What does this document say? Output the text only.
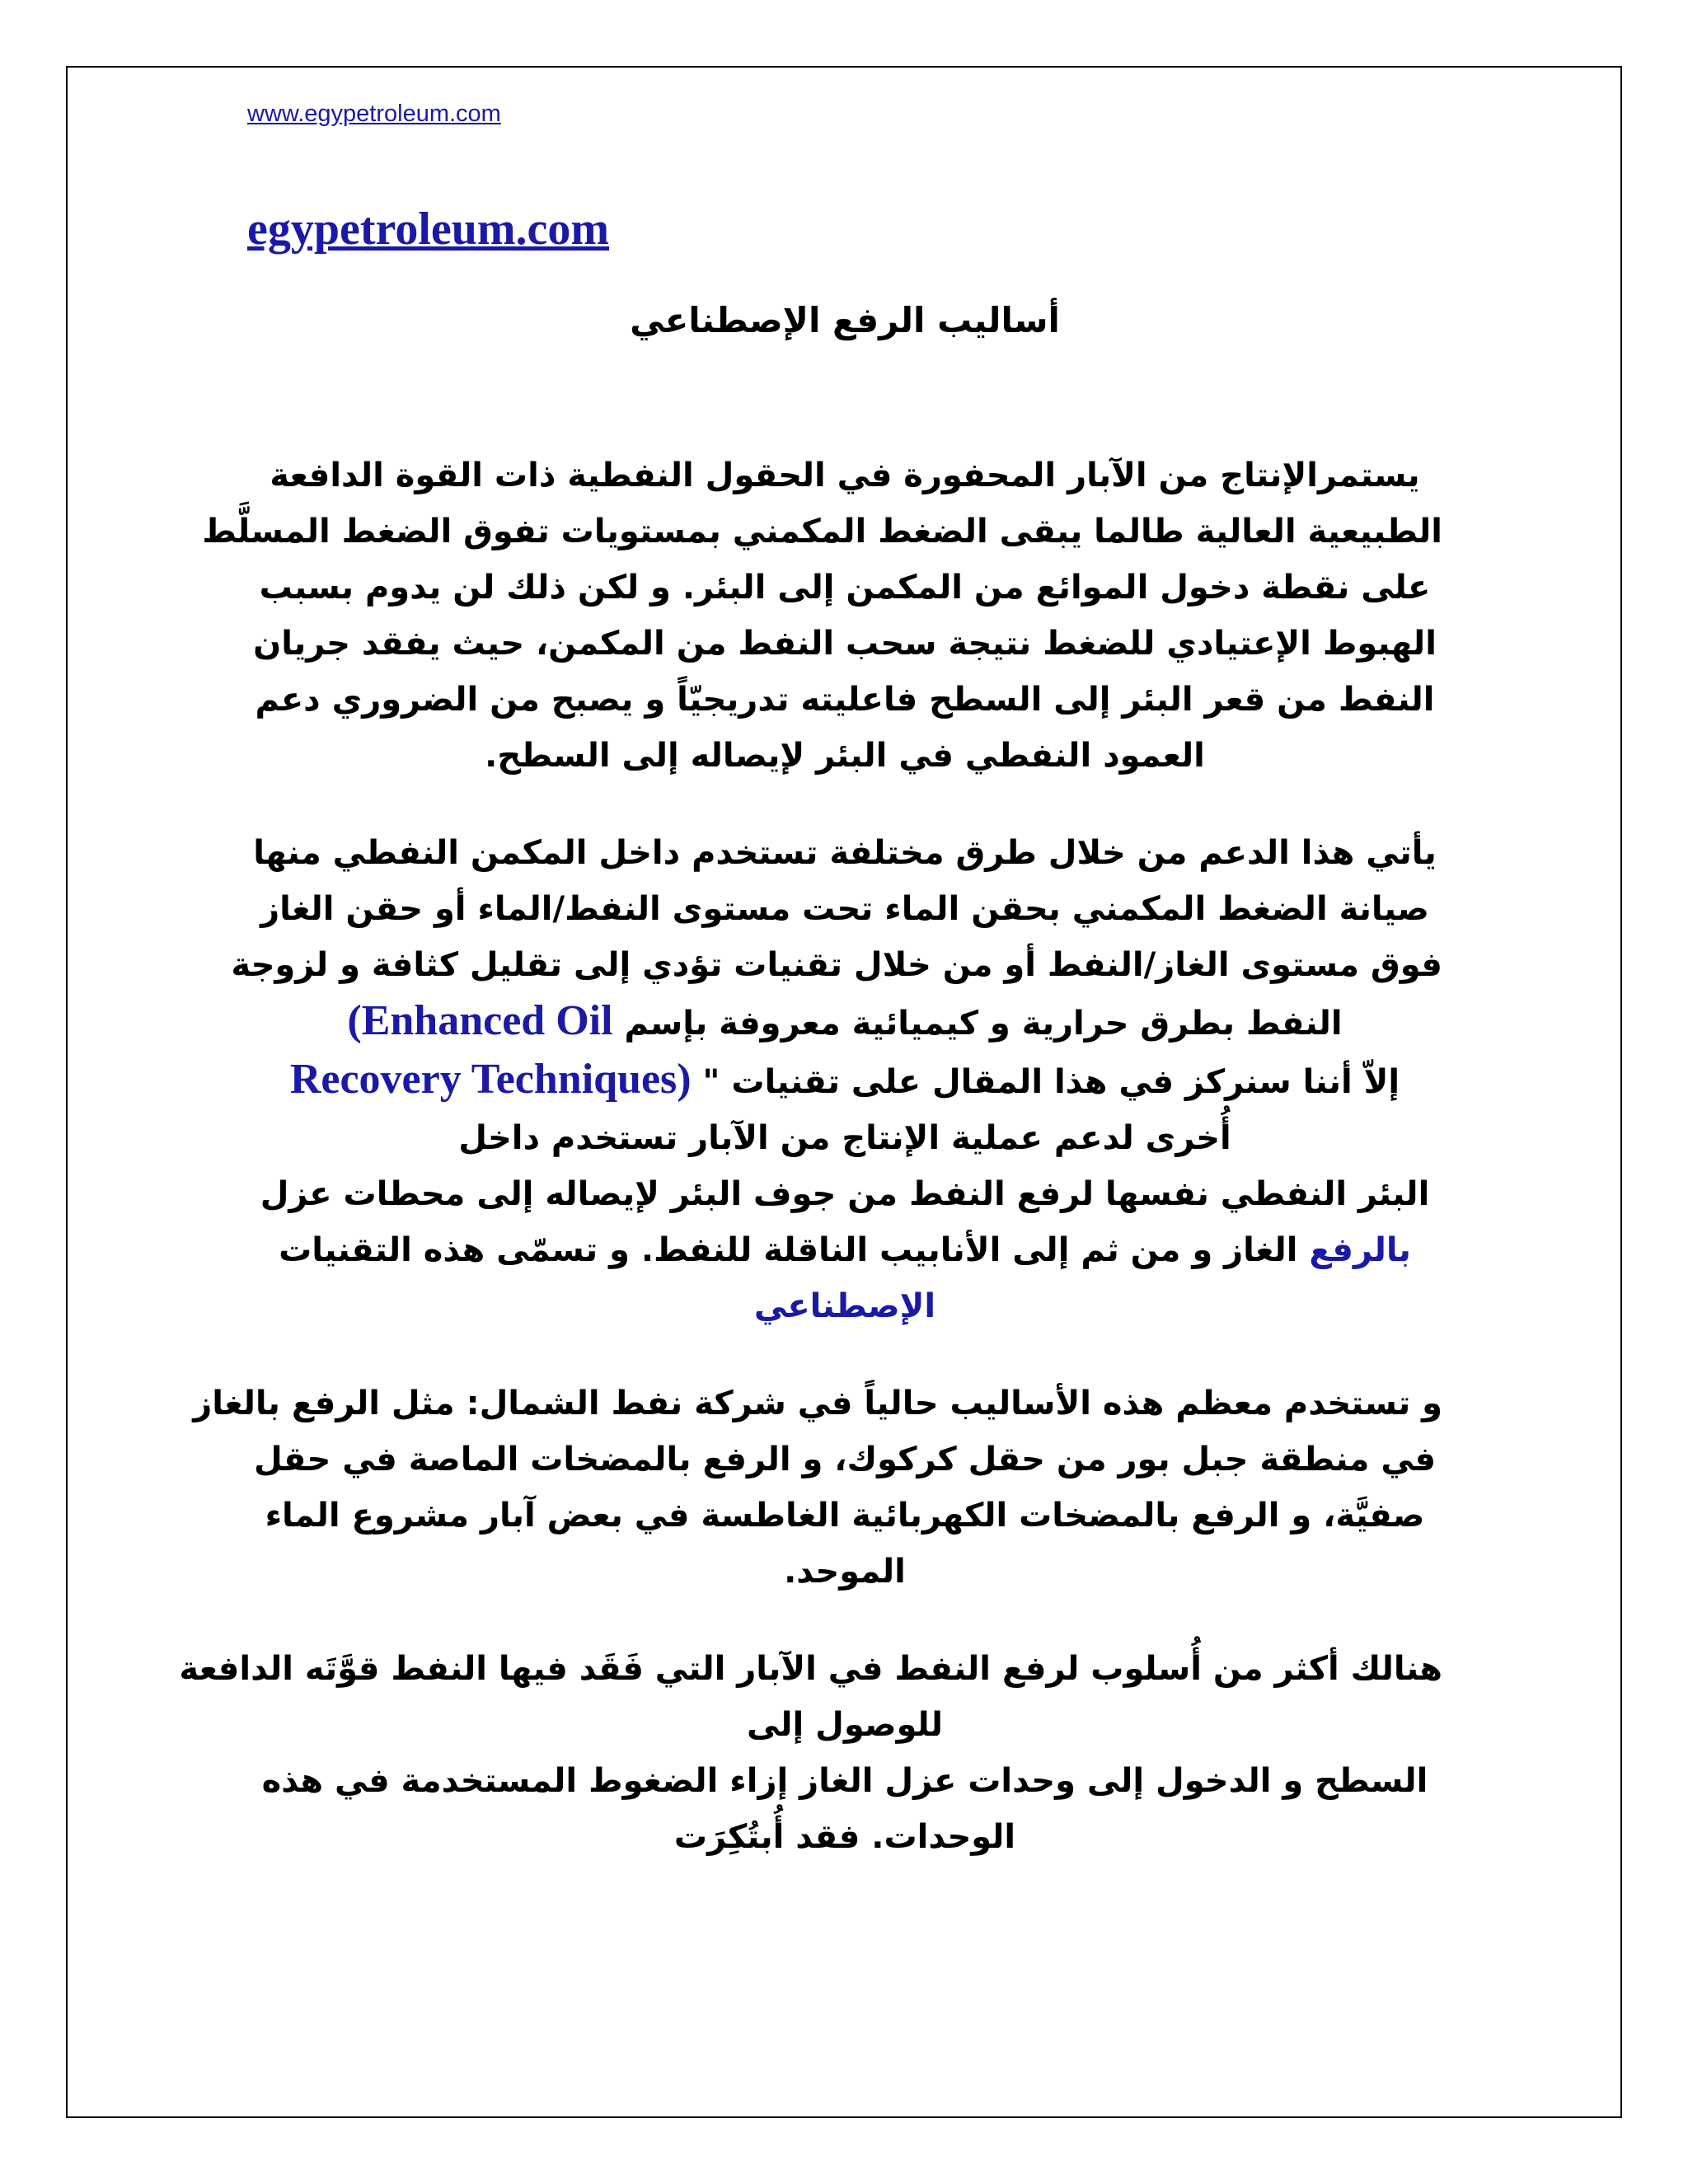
www.egypetroleum.com
egypetroleum.com
أساليب الرفع الإصطناعي
يستمرالإنتاج من الآبار المحفورة في الحقول النفطية ذات القوة الدافعة
الطبيعية العالية طالما يبقى الضغط المكمني بمستويات تفوق الضغط المسلَّط
على نقطة دخول الموائع من المكمن إلى البئر. و لكن ذلك لن يدوم بسبب
الهبوط الإعتيادي للضغط نتيجة سحب النفط من المكمن، حيث يفقد جريان
النفط من قعر البئر إلى السطح فاعليته تدريجيّاً و يصبح من الضروري دعم
العمود النفطي في البئر لإيصاله إلى السطح.
يأتي هذا الدعم من خلال طرق مختلفة تستخدم داخل المكمن النفطي منها
صيانة الضغط المكمني بحقن الماء تحت مستوى النفط/الماء أو حقن الغاز
فوق مستوى الغاز/النفط أو من خلال تقنيات تؤدي إلى تقليل كثافة و لزوجة
النفط بطرق حرارية و كيميائية معروفة بإسم (Enhanced Oil
إلاّ أننا سنركز في هذا المقال على تقنيات " Recovery Techniques)
أُخرى لدعم عملية الإنتاج من الآبار تستخدم داخل
البئر النفطي نفسها لرفع النفط من جوف البئر لإيصاله إلى محطات عزل
بالرفع الغاز و من ثم إلى الأنابيب الناقلة للنفط. و تسمّى هذه التقنيات
الإصطناعي
و تستخدم معظم هذه الأساليب حالياً في شركة نفط الشمال: مثل الرفع بالغاز
في منطقة جبل بور من حقل كركوك، و الرفع بالمضخات الماصة في حقل
صفيَّة، و الرفع بالمضخات الكهربائية الغاطسة في بعض آبار مشروع الماء
الموحد.
هنالك أكثر من أُسلوب لرفع النفط في الآبار التي فَقَد فيها النفط قوَّتَه الدافعة
للوصول إلى
السطح و الدخول إلى وحدات عزل الغاز إزاء الضغوط المستخدمة في هذه
الوحدات. فقد أُبتُكِرَت
